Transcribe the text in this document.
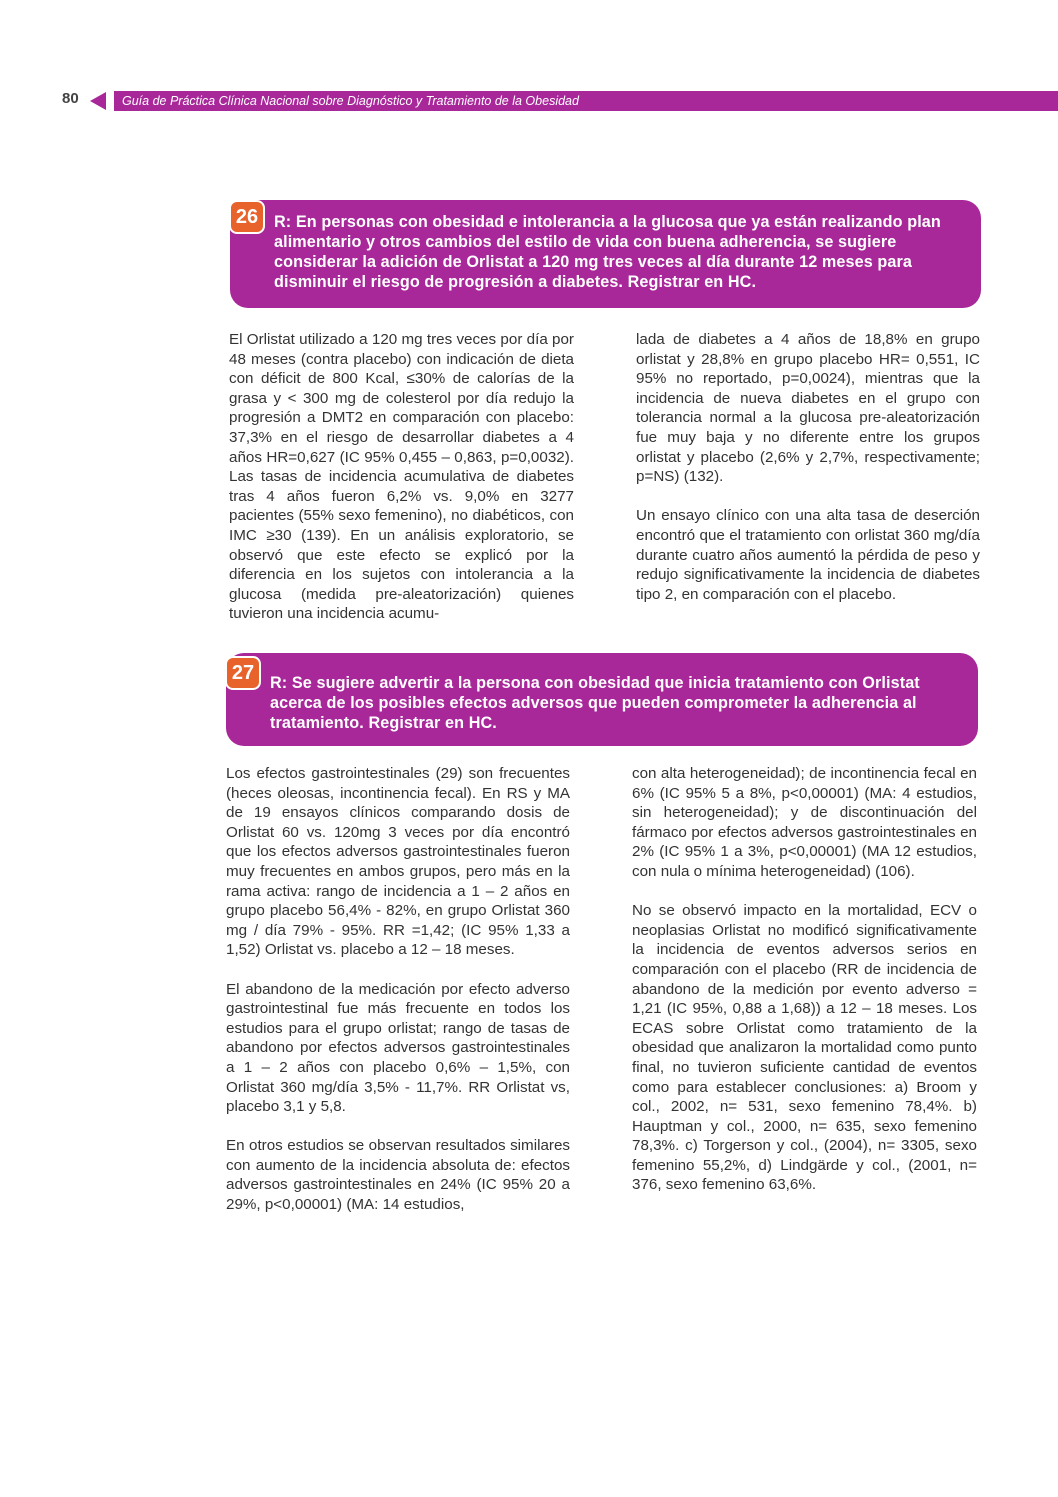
80	Guía de Práctica Clínica Nacional sobre Diagnóstico y Tratamiento de la Obesidad
R: En personas con obesidad e intolerancia a la glucosa que ya están realizando plan alimentario y otros cambios del estilo de vida con buena adherencia, se sugiere considerar la adición de Orlistat a 120 mg tres veces al día durante 12 meses para disminuir el riesgo de progresión a diabetes. Registrar en HC.
26

El Orlistat utilizado a 120 mg tres veces por día por 48 meses (contra placebo) con indicación de dieta con déficit de 800 Kcal, ≤30% de calorías de la grasa y < 300 mg de colesterol por día redujo la progresión a DMT2 en comparación con placebo: 37,3% en el riesgo de desarrollar diabetes a 4 años HR=0,627 (IC 95% 0,455 – 0,863, p=0,0032). Las tasas de incidencia acumulativa de diabetes tras 4 años fueron 6,2% vs. 9,0% en 3277 pacientes (55% sexo femenino), no diabéticos, con IMC ≥30 (139). En un análisis exploratorio, se observó que este efecto se explicó por la diferencia en los sujetos con intolerancia a la glucosa (medida pre-aleatorización) quienes tuvieron una incidencia acumu-

lada de diabetes a 4 años de 18,8% en grupo orlistat y 28,8% en grupo placebo HR= 0,551, IC 95% no reportado, p=0,0024), mientras que la incidencia de nueva diabetes en el grupo con tolerancia normal a la glucosa pre-aleatorización fue muy baja y no diferente entre los grupos orlistat y placebo (2,6% y 2,7%, respectivamente; p=NS) (132).

Un ensayo clínico con una alta tasa de deserción encontró que el tratamiento con orlistat 360 mg/día durante cuatro años aumentó la pérdida de peso y redujo significativamente la incidencia de diabetes tipo 2, en comparación con el placebo.

R: Se sugiere advertir a la persona con obesidad que inicia tratamiento con Orlistat acerca de los posibles efectos adversos que pueden comprometer la adherencia al tratamiento. Registrar en HC.
27

Los efectos gastrointestinales (29) son frecuentes (heces oleosas, incontinencia fecal). En RS y MA de 19 ensayos clínicos comparando dosis de Orlistat 60 vs. 120mg 3 veces por día encontró que los efectos adversos gastrointestinales fueron muy frecuentes en ambos grupos, pero más en la rama activa: rango de incidencia a 1 – 2 años en grupo placebo 56,4% - 82%, en grupo Orlistat 360 mg / día 79% - 95%. RR =1,42; (IC 95% 1,33 a 1,52) Orlistat vs. placebo a 12 – 18 meses.

El abandono de la medicación por efecto adverso gastrointestinal fue más frecuente en todos los estudios para el grupo orlistat; rango de tasas de abandono por efectos adversos gastrointestinales a 1 – 2 años con placebo 0,6% – 1,5%, con Orlistat 360 mg/día 3,5% - 11,7%. RR Orlistat vs, placebo 3,1 y 5,8.

En otros estudios se observan resultados similares con aumento de la incidencia absoluta de: efectos adversos gastrointestinales en 24% (IC 95% 20 a 29%, p<0,00001) (MA: 14 estudios,

con alta heterogeneidad); de incontinencia fecal en 6% (IC 95% 5 a 8%, p<0,00001) (MA: 4 estudios, sin heterogeneidad); y de discontinuación del fármaco por efectos adversos gastrointestinales en 2% (IC 95% 1 a 3%, p<0,00001) (MA 12 estudios, con nula o mínima heterogeneidad) (106).

No se observó impacto en la mortalidad, ECV o neoplasias Orlistat no modificó significativamente la incidencia de eventos adversos serios en comparación con el placebo (RR de incidencia de abandono de la medición por evento adverso = 1,21 (IC 95%, 0,88 a 1,68)) a 12 – 18 meses. Los ECAS sobre Orlistat como tratamiento de la obesidad que analizaron la mortalidad como punto final, no tuvieron suficiente cantidad de eventos como para establecer conclusiones: a) Broom y col., 2002, n= 531, sexo femenino 78,4%. b) Hauptman y col., 2000, n= 635, sexo femenino 78,3%. c) Torgerson y col., (2004), n= 3305, sexo femenino 55,2%, d) Lindgärde y col., (2001, n= 376, sexo femenino 63,6%.
